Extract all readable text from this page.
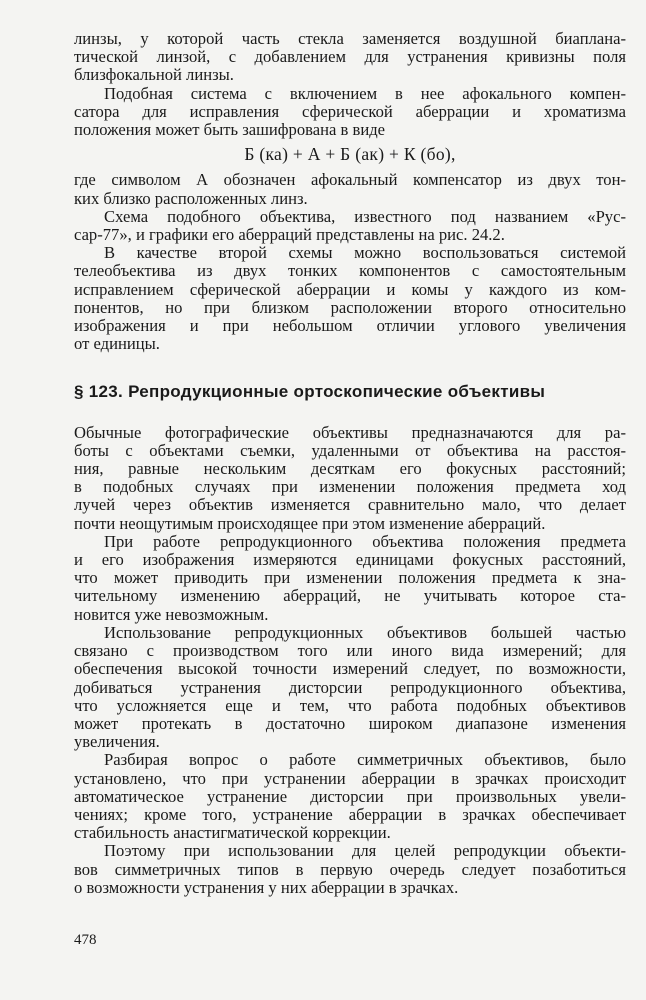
линзы, у которой часть стекла заменяется воздушной биаплана-
тической линзой, с добавлением для устранения кривизны поля
близфокальной линзы.
Подобная система с включением в нее афокального компен-
сатора для исправления сферической аберрации и хроматизма
положения может быть зашифрована в виде
Б (ка) + А + Б (ак) + К (бо),
где символом А обозначен афокальный компенсатор из двух тон-
ких близко расположенных линз.
Схема подобного объектива, известного под названием «Рус-
сар-77», и графики его аберраций представлены на рис. 24.2.
В качестве второй схемы можно воспользоваться системой
телеобъектива из двух тонких компонентов с самостоятельным
исправлением сферической аберрации и комы у каждого из ком-
понентов, но при близком расположении второго относительно
изображения и при небольшом отличии углового увеличения
от единицы.
§ 123. Репродукционные ортоскопические объективы
Обычные фотографические объективы предназначаются для ра-
боты с объектами съемки, удаленными от объектива на расстоя-
ния, равные нескольким десяткам его фокусных расстояний;
в подобных случаях при изменении положения предмета ход
лучей через объектив изменяется сравнительно мало, что делает
почти неощутимым происходящее при этом изменение аберраций.
При работе репродукционного объектива положения предмета
и его изображения измеряются единицами фокусных расстояний,
что может приводить при изменении положения предмета к зна-
чительному изменению аберраций, не учитывать которое ста-
новится уже невозможным.
Использование репродукционных объективов большей частью
связано с производством того или иного вида измерений; для
обеспечения высокой точности измерений следует, по возможности,
добиваться устранения дисторсии репродукционного объектива,
что усложняется еще и тем, что работа подобных объективов
может протекать в достаточно широком диапазоне изменения
увеличения.
Разбирая вопрос о работе симметричных объективов, было
установлено, что при устранении аберрации в зрачках происходит
автоматическое устранение дисторсии при произвольных увели-
чениях; кроме того, устранение аберрации в зрачках обеспечивает
стабильность анастигматической коррекции.
Поэтому при использовании для целей репродукции объекти-
вов симметричных типов в первую очередь следует позаботиться
о возможности устранения у них аберрации в зрачках.
478
